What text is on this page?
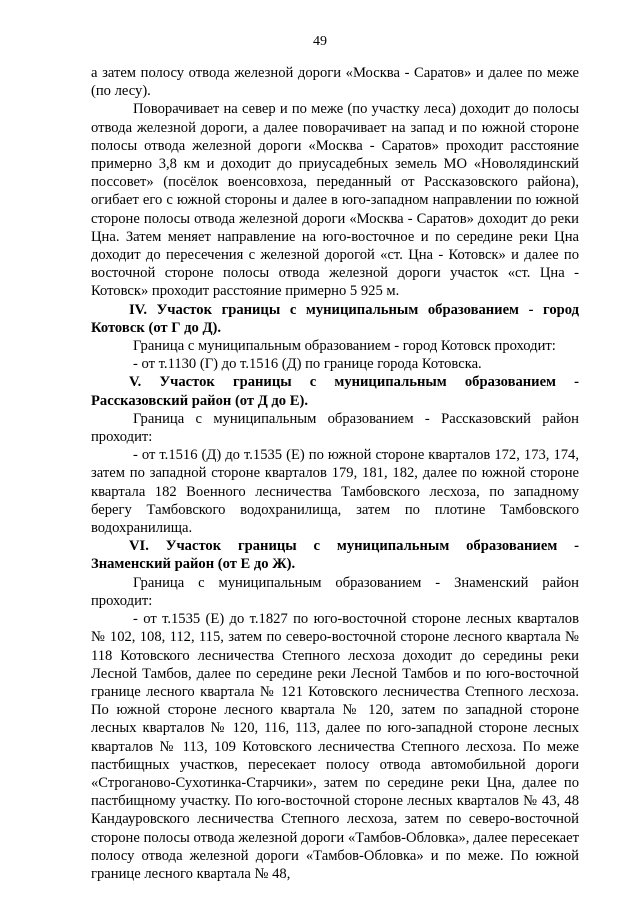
49

а затем полосу отвода железной дороги «Москва - Саратов» и далее по меже (по лесу).

Поворачивает на север и по меже (по участку леса) доходит до полосы отвода железной дороги, а далее поворачивает на запад и по южной стороне полосы отвода железной дороги «Москва - Саратов» проходит расстояние примерно 3,8 км и доходит до приусадебных земель МО «Новолядинский поссовет» (посёлок военсовхоза, переданный от Рассказовского района), огибает его с южной стороны и далее в юго-западном направлении по южной стороне полосы отвода железной дороги «Москва - Саратов» доходит до реки Цна. Затем меняет направление на юго-восточное и по середине реки Цна доходит до пересечения с железной дорогой «ст. Цна - Котовск» и далее по восточной стороне полосы отвода железной дороги участок «ст. Цна - Котовск» проходит расстояние примерно 5 925 м.

IV. Участок границы с муниципальным образованием - город Котовск (от Г до Д).

Граница с муниципальным образованием - город Котовск проходит:

- от т.1130 (Г) до т.1516 (Д) по границе города Котовска.

V. Участок границы с муниципальным образованием - Рассказовский район (от Д до Е).

Граница с муниципальным образованием - Рассказовский район проходит:

- от т.1516 (Д) до т.1535 (Е) по южной стороне кварталов 172, 173, 174, затем по западной стороне кварталов 179, 181, 182, далее по южной стороне квартала 182 Военного лесничества Тамбовского лесхоза, по западному берегу Тамбовского водохранилища, затем по плотине Тамбовского водохранилища.

VI. Участок границы с муниципальным образованием - Знаменский район (от Е до Ж).

Граница с муниципальным образованием - Знаменский район проходит:

- от т.1535 (Е) до т.1827 по юго-восточной стороне лесных кварталов № 102, 108, 112, 115, затем по северо-восточной стороне лесного квартала № 118 Котовского лесничества Степного лесхоза доходит до середины реки Лесной Тамбов, далее по середине реки Лесной Тамбов и по юго-восточной границе лесного квартала № 121 Котовского лесничества Степного лесхоза. По южной стороне лесного квартала № 120, затем по западной стороне лесных кварталов № 120, 116, 113, далее по юго-западной стороне лесных кварталов № 113, 109 Котовского лесничества Степного лесхоза. По меже пастбищных участков, пересекает полосу отвода автомобильной дороги «Строганово-Сухотинка-Старчики», затем по середине реки Цна, далее по пастбищному участку. По юго-восточной стороне лесных кварталов № 43, 48 Кандауровского лесничества Степного лесхоза, затем по северо-восточной стороне полосы отвода железной дороги «Тамбов-Обловка», далее пересекает полосу отвода железной дороги «Тамбов-Обловка» и по меже. По южной границе лесного квартала № 48,
